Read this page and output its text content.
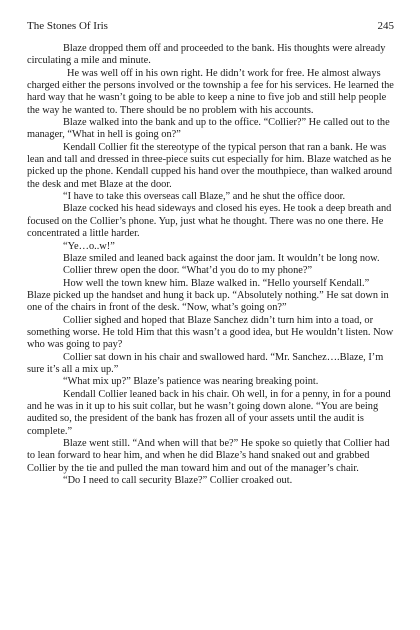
The Stones Of Iris	245

Blaze dropped them off and proceeded to the bank. His thoughts were already circulating a mile and minute.

He was well off in his own right. He didn’t work for free. He almost always charged either the persons involved or the township a fee for his services. He learned the hard way that he wasn’t going to be able to keep a nine to five job and still help people the way he wanted to. There should be no problem with his accounts.

Blaze walked into the bank and up to the office. “Collier?” He called out to the manager, “What in hell is going on?”

Kendall Collier fit the stereotype of the typical person that ran a bank. He was lean and tall and dressed in three-piece suits cut especially for him. Blaze watched as he picked up the phone. Kendall cupped his hand over the mouthpiece, than walked around the desk and met Blaze at the door.

“I have to take this overseas call Blaze,” and he shut the office door.

Blaze cocked his head sideways and closed his eyes. He took a deep breath and focused on the Collier’s phone. Yup, just what he thought. There was no one there. He concentrated a little harder.

“Ye…o..w!”

Blaze smiled and leaned back against the door jam. It wouldn’t be long now.

Collier threw open the door. “What’d you do to my phone?”

How well the town knew him. Blaze walked in. “Hello yourself Kendall.” Blaze picked up the handset and hung it back up. “Absolutely nothing.” He sat down in one of the chairs in front of the desk. “Now, what’s going on?”

Collier sighed and hoped that Blaze Sanchez didn’t turn him into a toad, or something worse. He told Him that this wasn’t a good idea, but He wouldn’t listen. Now who was going to pay?

Collier sat down in his chair and swallowed hard. “Mr. Sanchez….Blaze, I’m sure it’s all a mix up.”

“What mix up?” Blaze’s patience was nearing breaking point.

Kendall Collier leaned back in his chair. Oh well, in for a penny, in for a pound and he was in it up to his suit collar, but he wasn’t going down alone. “You are being audited so, the president of the bank has frozen all of your assets until the audit is complete.”

Blaze went still. “And when will that be?” He spoke so quietly that Collier had to lean forward to hear him, and when he did Blaze’s hand snaked out and grabbed Collier by the tie and pulled the man toward him and out of the manager’s chair.

“Do I need to call security Blaze?” Collier croaked out.
